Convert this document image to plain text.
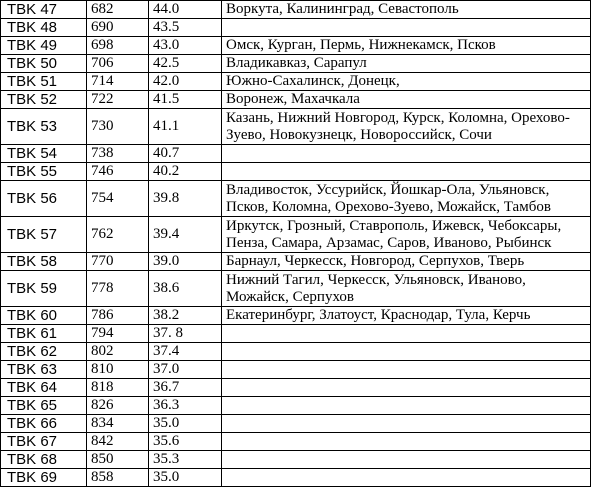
TBK 47	682	44.0	Воркута, Калининград, Севастополь
TBK 48	690	43.5	
TBK 49	698	43.0	Омск, Курган, Пермь, Нижнекамск, Псков
TBK 50	706	42.5	Владикавказ, Сарапул
TBK 51	714	42.0	Южно-Сахалинск, Донецк,
TBK 52	722	41.5	Воронеж, Махачкала
TBK 53	730	41.1	Казань, Нижний Новгород, Курск, Коломна, Орехово-
Зуево, Новокузнецк, Новороссийск, Сочи
TBK 54	738	40.7	
TBK 55	746	40.2	
TBK 56	754	39.8	Владивосток, Уссурийск, Йошкар-Ола, Ульяновск,
Псков, Коломна, Орехово-Зуево, Можайск, Тамбов
TBK 57	762	39.4	Иркутск, Грозный, Ставрополь, Ижевск, Чебоксары,
Пенза, Самара, Арзамас, Саров, Иваново, Рыбинск
TBK 58	770	39.0	Барнаул, Черкесск, Новгород, Серпухов, Тверь
TBK 59	778	38.6	Нижний Тагил, Черкесск, Ульяновск, Иваново,
Можайск, Серпухов
TBK 60	786	38.2	Екатеринбург, Златоуст, Краснодар, Тула, Керчь
TBK 61	794	37. 8	
TBK 62	802	37.4	
TBK 63	810	37.0	
TBK 64	818	36.7	
TBK 65	826	36.3	
TBK 66	834	35.0	
TBK 67	842	35.6	
TBK 68	850	35.3	
TBK 69	858	35.0	
